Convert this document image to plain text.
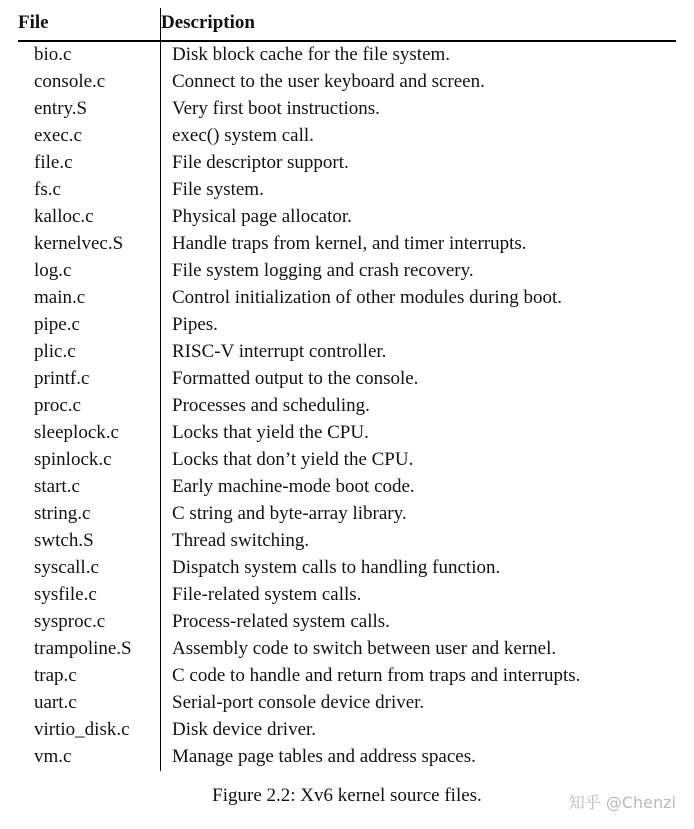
File	Description
bio.c	Disk block cache for the file system.
console.c	Connect to the user keyboard and screen.
entry.S	Very first boot instructions.
exec.c	exec() system call.
file.c	File descriptor support.
fs.c	File system.
kalloc.c	Physical page allocator.
kernelvec.S	Handle traps from kernel, and timer interrupts.
log.c	File system logging and crash recovery.
main.c	Control initialization of other modules during boot.
pipe.c	Pipes.
plic.c	RISC-V interrupt controller.
printf.c	Formatted output to the console.
proc.c	Processes and scheduling.
sleeplock.c	Locks that yield the CPU.
spinlock.c	Locks that don’t yield the CPU.
start.c	Early machine-mode boot code.
string.c	C string and byte-array library.
swtch.S	Thread switching.
syscall.c	Dispatch system calls to handling function.
sysfile.c	File-related system calls.
sysproc.c	Process-related system calls.
trampoline.S	Assembly code to switch between user and kernel.
trap.c	C code to handle and return from traps and interrupts.
uart.c	Serial-port console device driver.
virtio_disk.c	Disk device driver.
vm.c	Manage page tables and address spaces.
Figure 2.2: Xv6 kernel source files.	知乎 @Chenzi
